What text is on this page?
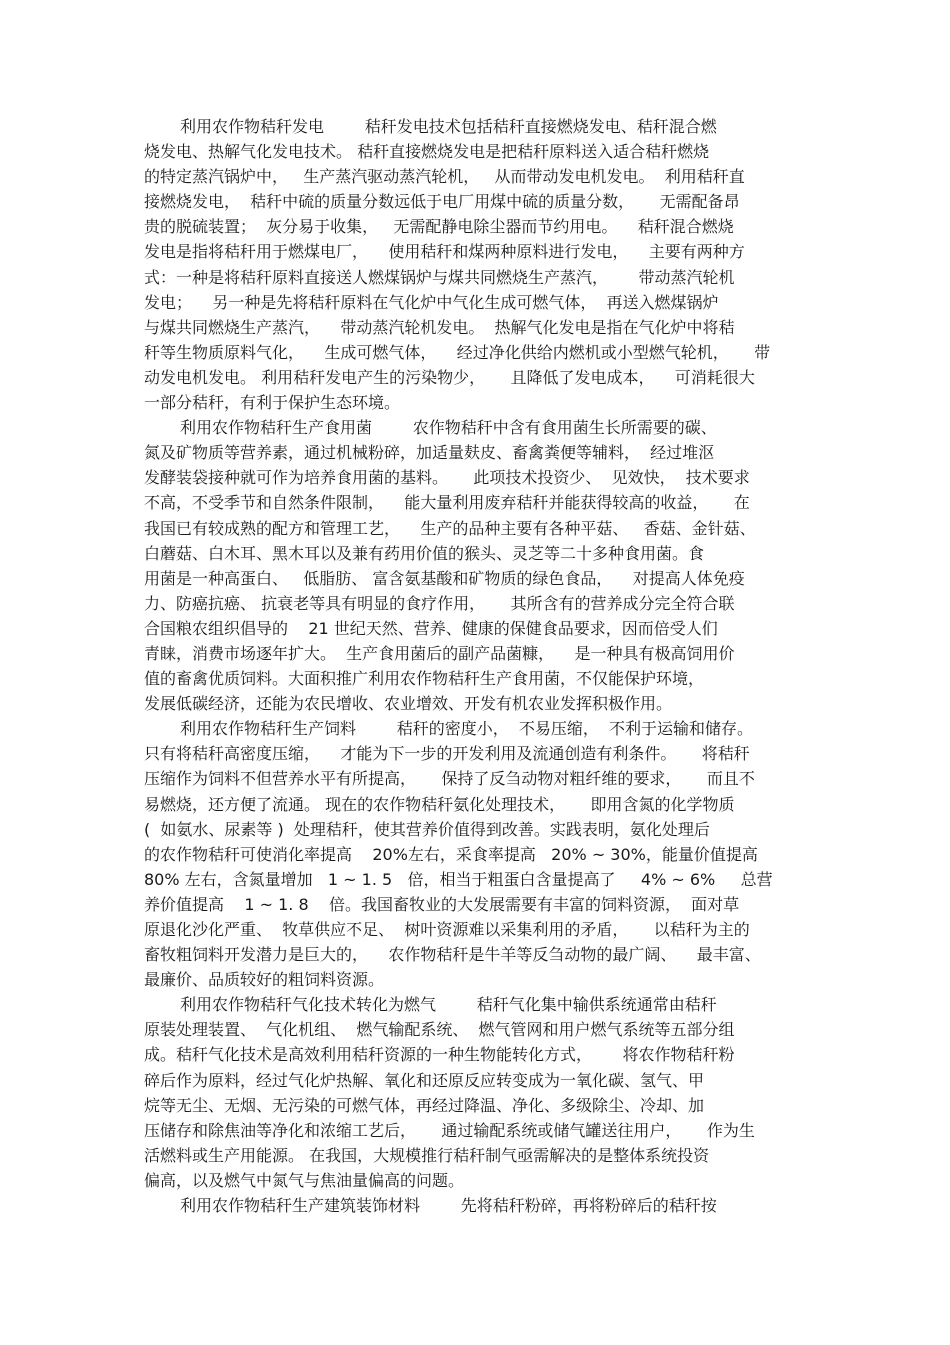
利用农作物秸秆发电        秸秆发电技术包括秸秆直接燃烧发电、秸秆混合燃
烧发电、热解气化发电技术。 秸秆直接燃烧发电是把秸秆原料送入适合秸秆燃烧
的特定蒸汽锅炉中，   生产蒸汽驱动蒸汽轮机，   从而带动发电机发电。  利用秸秆直
接燃烧发电，  秸秆中硫的质量分数远低于电厂用煤中硫的质量分数，     无需配备昂
贵的脱硫装置；  灰分易于收集，   无需配静电除尘器而节约用电。    秸秆混合燃烧
发电是指将秸秆用于燃煤电厂，    使用秸秆和煤两种原料进行发电，    主要有两种方
式：一种是将秸秆原料直接送人燃煤锅炉与煤共同燃烧生产蒸汽，      带动蒸汽轮机
发电；    另一种是先将秸秆原料在气化炉中气化生成可燃气体，  再送入燃煤锅炉
与煤共同燃烧生产蒸汽，    带动蒸汽轮机发电。  热解气化发电是指在气化炉中将秸
秆等生物质原料气化，    生成可燃气体，    经过净化供给内燃机或小型燃气轮机，     带
动发电机发电。 利用秸秆发电产生的污染物少，     且降低了发电成本，    可消耗很大
一部分秸秆，有利于保护生态环境。
利用农作物秸秆生产食用菌        农作物秸秆中含有食用菌生长所需要的碳、
氮及矿物质等营养素，通过机械粉碎，加适量麸皮、畜禽粪便等辅料，  经过堆沤
发酵装袋接种就可作为培养食用菌的基料。     此项技术投资少、  见效快，  技术要求
不高，不受季节和自然条件限制，    能大量利用废弃秸秆并能获得较高的收益，     在
我国已有较成熟的配方和管理工艺，    生产的品种主要有各种平菇、   香菇、金针菇、
白蘑菇、白木耳、黑木耳以及兼有药用价值的猴头、灵芝等二十多种食用菌。食
用菌是一种高蛋白、   低脂肪、 富含氨基酸和矿物质的绿色食品，    对提高人体免疫
力、防癌抗癌、 抗衰老等具有明显的食疗作用，     其所含有的营养成分完全符合联
合国粮农组织倡导的    21 世纪天然、营养、健康的保健食品要求，因而倍受人们
青睐，消费市场逐年扩大。  生产食用菌后的副产品菌糠，    是一种具有极高饲用价
值的畜禽优质饲料。大面积推广利用农作物秸秆生产食用菌，不仅能保护环境，
发展低碳经济，还能为农民增收、农业增效、开发有机农业发挥积极作用。
利用农作物秸秆生产饲料        秸秆的密度小，  不易压缩，  不利于运输和储存。
只有将秸秆高密度压缩，    才能为下一步的开发利用及流通创造有利条件。     将秸秆
压缩作为饲料不但营养水平有所提高，     保持了反刍动物对粗纤维的要求，     而且不
易燃烧，还方便了流通。 现在的农作物秸秆氨化处理技术，     即用含氮的化学物质
(  如氨水、尿素等 )  处理秸秆，使其营养价值得到改善。实践表明，氨化处理后
的农作物秸秆可使消化率提高    20%左右，采食率提高   20% ~ 30%，能量价值提高
80% 左右，含氮量增加   1 ~ 1. 5   倍，相当于粗蛋白含量提高了     4% ~ 6%     总营
养价值提高    1 ~ 1. 8    倍。我国畜牧业的大发展需要有丰富的饲料资源，  面对草
原退化沙化严重、  牧草供应不足、  树叶资源难以采集利用的矛盾，     以秸秆为主的
畜牧粗饲料开发潜力是巨大的，    农作物秸秆是牛羊等反刍动物的最广阔、    最丰富、
最廉价、品质较好的粗饲料资源。
利用农作物秸秆气化技术转化为燃气        秸秆气化集中输供系统通常由秸秆
原装处理装置、  气化机组、  燃气输配系统、  燃气管网和用户燃气系统等五部分组
成。秸秆气化技术是高效利用秸秆资源的一种生物能转化方式，      将农作物秸秆粉
碎后作为原料，经过气化炉热解、氧化和还原反应转变成为一氧化碳、氢气、甲
烷等无尘、无烟、无污染的可燃气体，再经过降温、净化、多级除尘、冷却、加
压储存和除焦油等净化和浓缩工艺后，     通过输配系统或储气罐送往用户，     作为生
活燃料或生产用能源。 在我国，大规模推行秸秆制气亟需解决的是整体系统投资
偏高，以及燃气中氮气与焦油量偏高的问题。
利用农作物秸秆生产建筑装饰材料        先将秸秆粉碎，再将粉碎后的秸秆按
